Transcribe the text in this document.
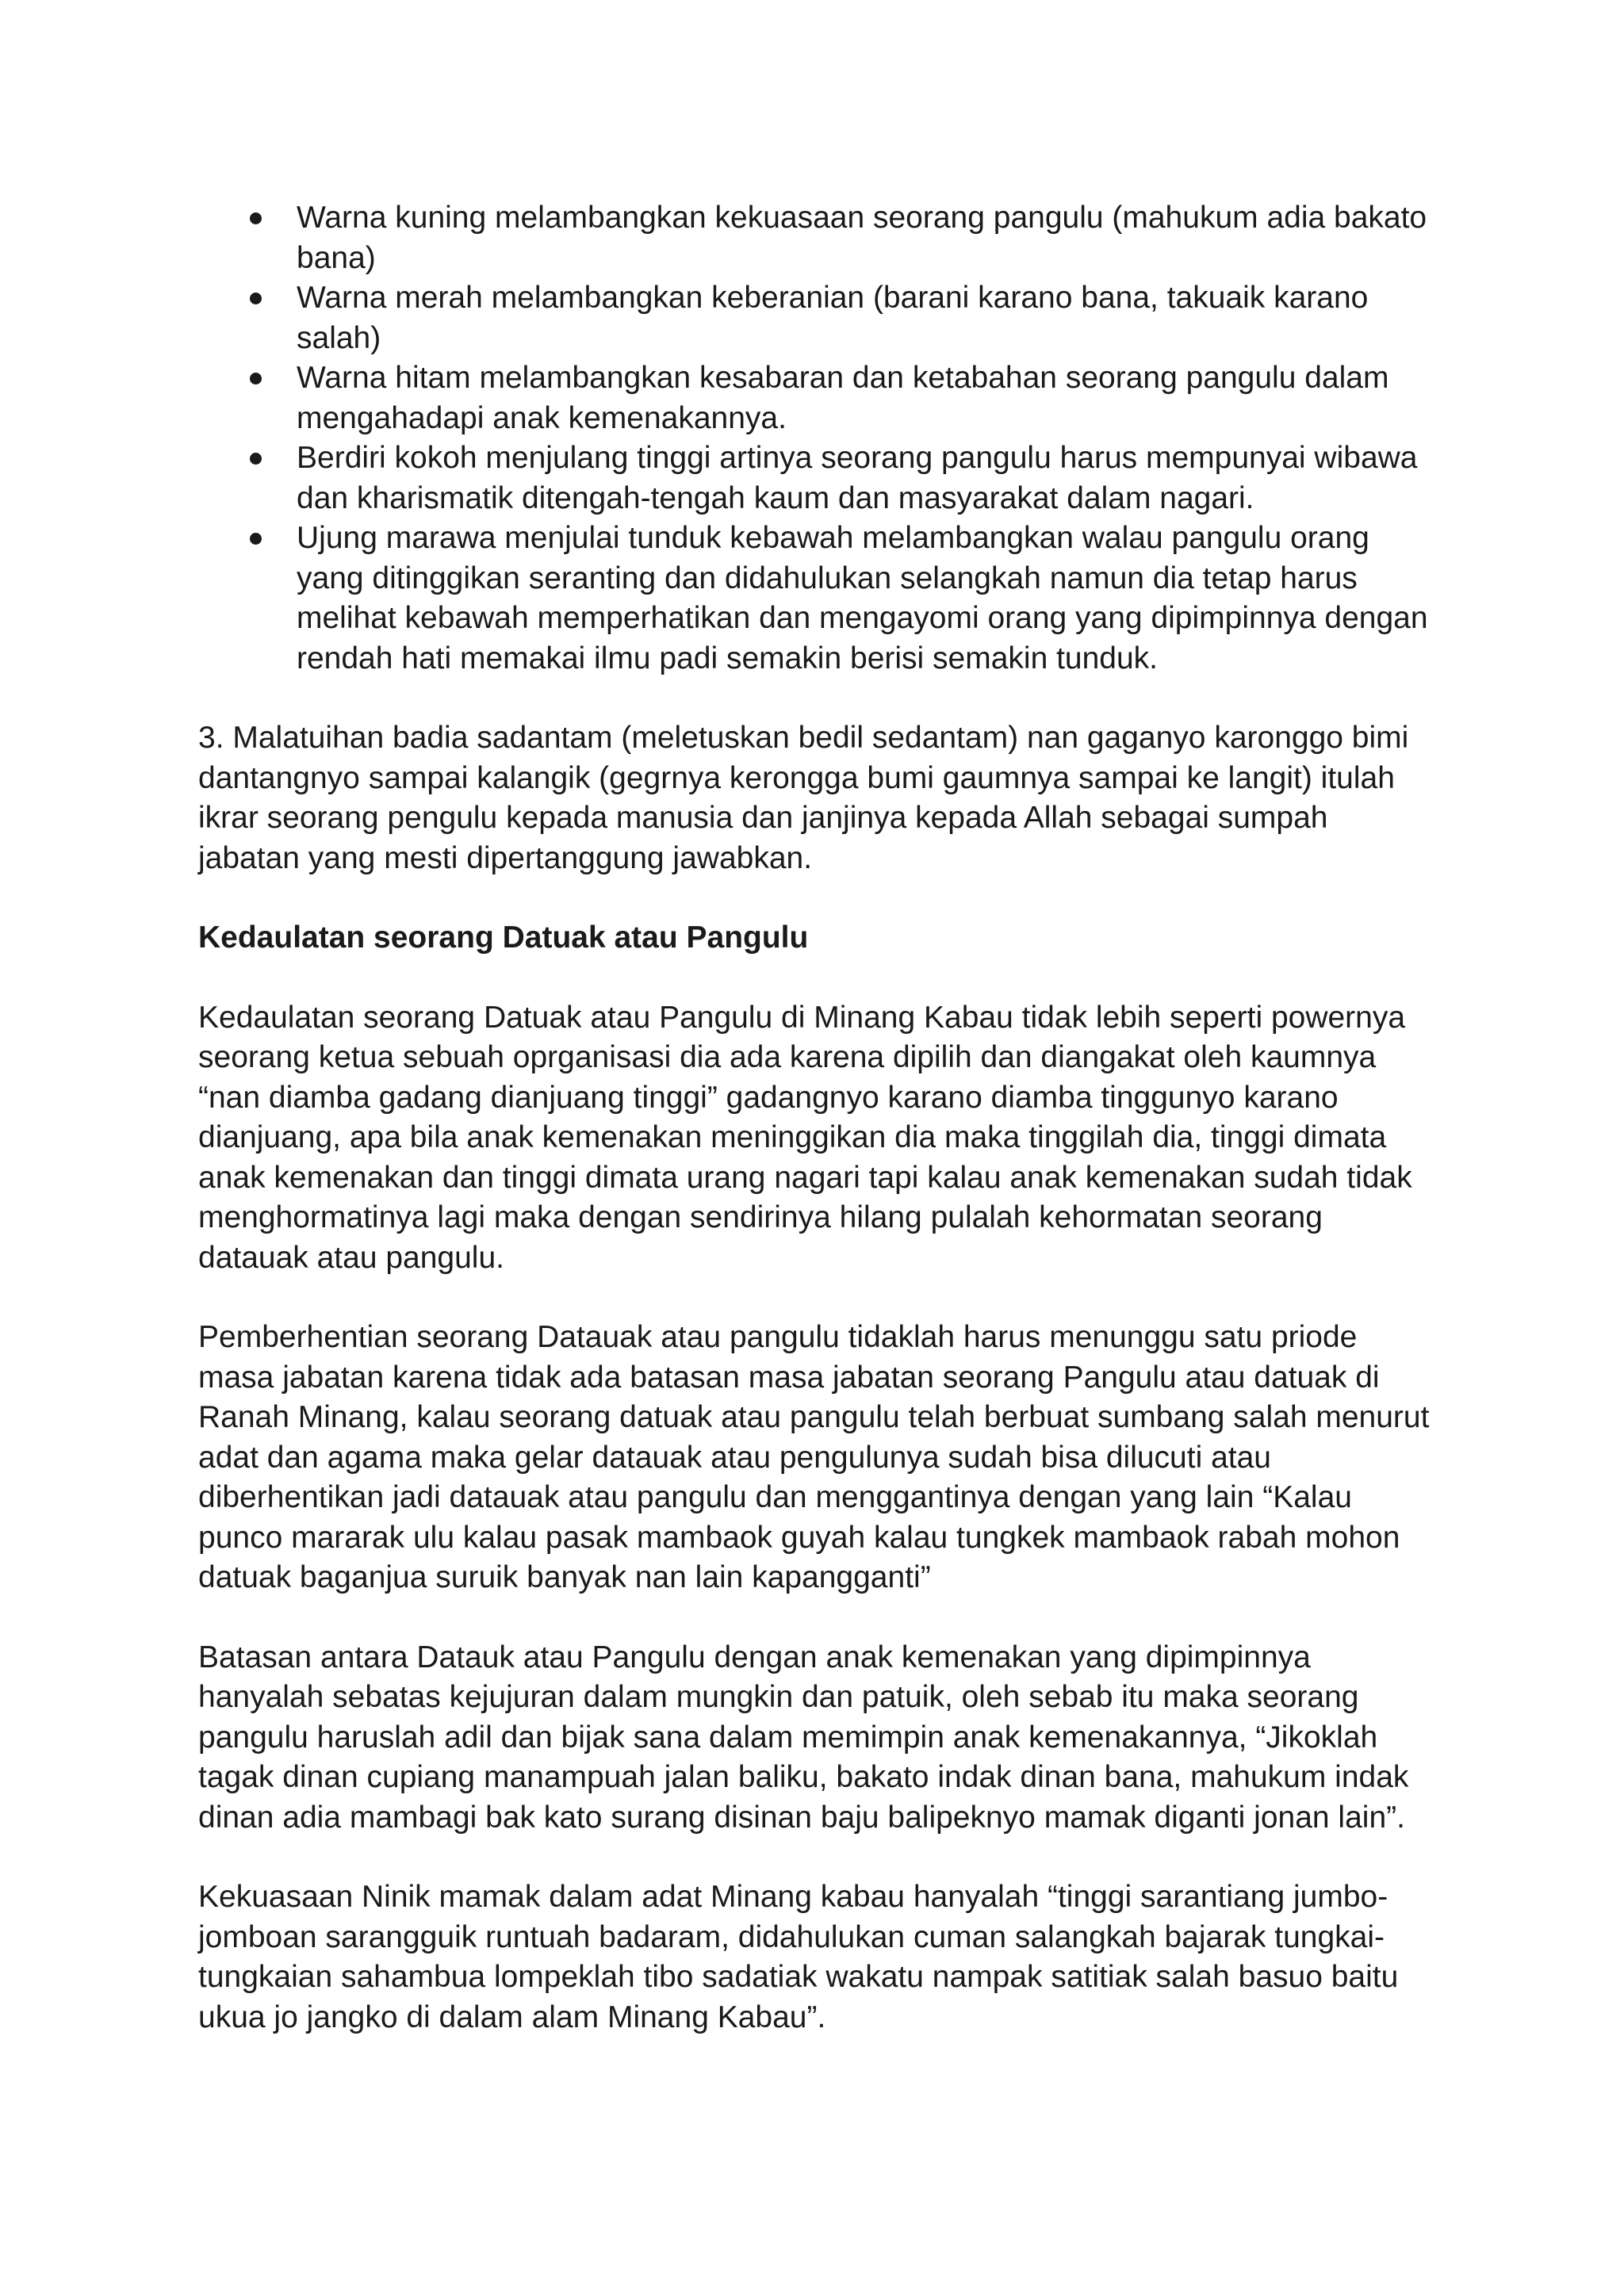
Warna kuning melambangkan kekuasaan seorang pangulu (mahukum adia bakato bana)
Warna merah melambangkan keberanian (barani karano bana, takuaik karano salah)
Warna hitam melambangkan kesabaran dan ketabahan seorang pangulu dalam mengahadapi anak kemenakannya.
Berdiri kokoh menjulang tinggi artinya seorang pangulu harus mempunyai wibawa dan kharismatik ditengah-tengah kaum dan masyarakat dalam nagari.
Ujung marawa menjulai tunduk kebawah melambangkan walau pangulu orang yang ditinggikan seranting dan didahulukan selangkah namun dia tetap harus melihat kebawah memperhatikan dan mengayomi orang yang dipimpinnya dengan rendah hati memakai ilmu padi semakin berisi semakin tunduk.

3. Malatuihan badia sadantam (meletuskan bedil sedantam) nan gaganyo karonggo bimi dantangnyo sampai kalangik (gegrnya kerongga bumi gaumnya sampai ke langit) itulah ikrar seorang pengulu kepada manusia dan janjinya kepada Allah sebagai sumpah jabatan yang mesti dipertanggung jawabkan.

Kedaulatan seorang Datuak atau Pangulu

Kedaulatan seorang Datuak atau Pangulu di Minang Kabau tidak lebih seperti powernya seorang ketua sebuah oprganisasi dia ada karena dipilih dan diangakat oleh kaumnya “nan diamba gadang dianjuang tinggi” gadangnyo karano diamba tinggunyo karano dianjuang, apa bila anak kemenakan meninggikan dia maka tinggilah dia, tinggi dimata anak kemenakan dan tinggi dimata urang nagari tapi kalau anak kemenakan sudah tidak menghormatinya lagi maka dengan sendirinya hilang pulalah kehormatan seorang datauak atau pangulu.

Pemberhentian seorang Datauak atau pangulu tidaklah harus menunggu satu priode masa jabatan karena tidak ada batasan masa jabatan seorang Pangulu atau datuak di Ranah Minang, kalau seorang datuak atau pangulu telah berbuat sumbang salah menurut adat dan agama maka gelar datauak atau pengulunya sudah bisa dilucuti atau diberhentikan jadi datauak atau pangulu dan menggantinya dengan yang lain “Kalau punco mararak ulu kalau pasak mambaok guyah kalau tungkek mambaok rabah mohon datuak baganjua suruik banyak nan lain kapangganti”

Batasan antara Datauk atau Pangulu dengan anak kemenakan yang dipimpinnya hanyalah sebatas kejujuran dalam mungkin dan patuik, oleh sebab itu maka seorang pangulu haruslah adil dan bijak sana dalam memimpin anak kemenakannya, “Jikoklah tagak dinan cupiang manampuah jalan baliku, bakato indak dinan bana, mahukum indak dinan adia mambagi bak kato surang disinan baju balipeknyo mamak diganti jonan lain”.

Kekuasaan Ninik mamak dalam adat Minang kabau hanyalah “tinggi sarantiang jumbo-jomboan sarangguik runtuah badaram, didahulukan cuman salangkah bajarak tungkai-tungkaian sahambua lompeklah tibo sadatiak wakatu nampak satitiak salah basuo baitu ukua jo jangko di dalam alam Minang Kabau”.
